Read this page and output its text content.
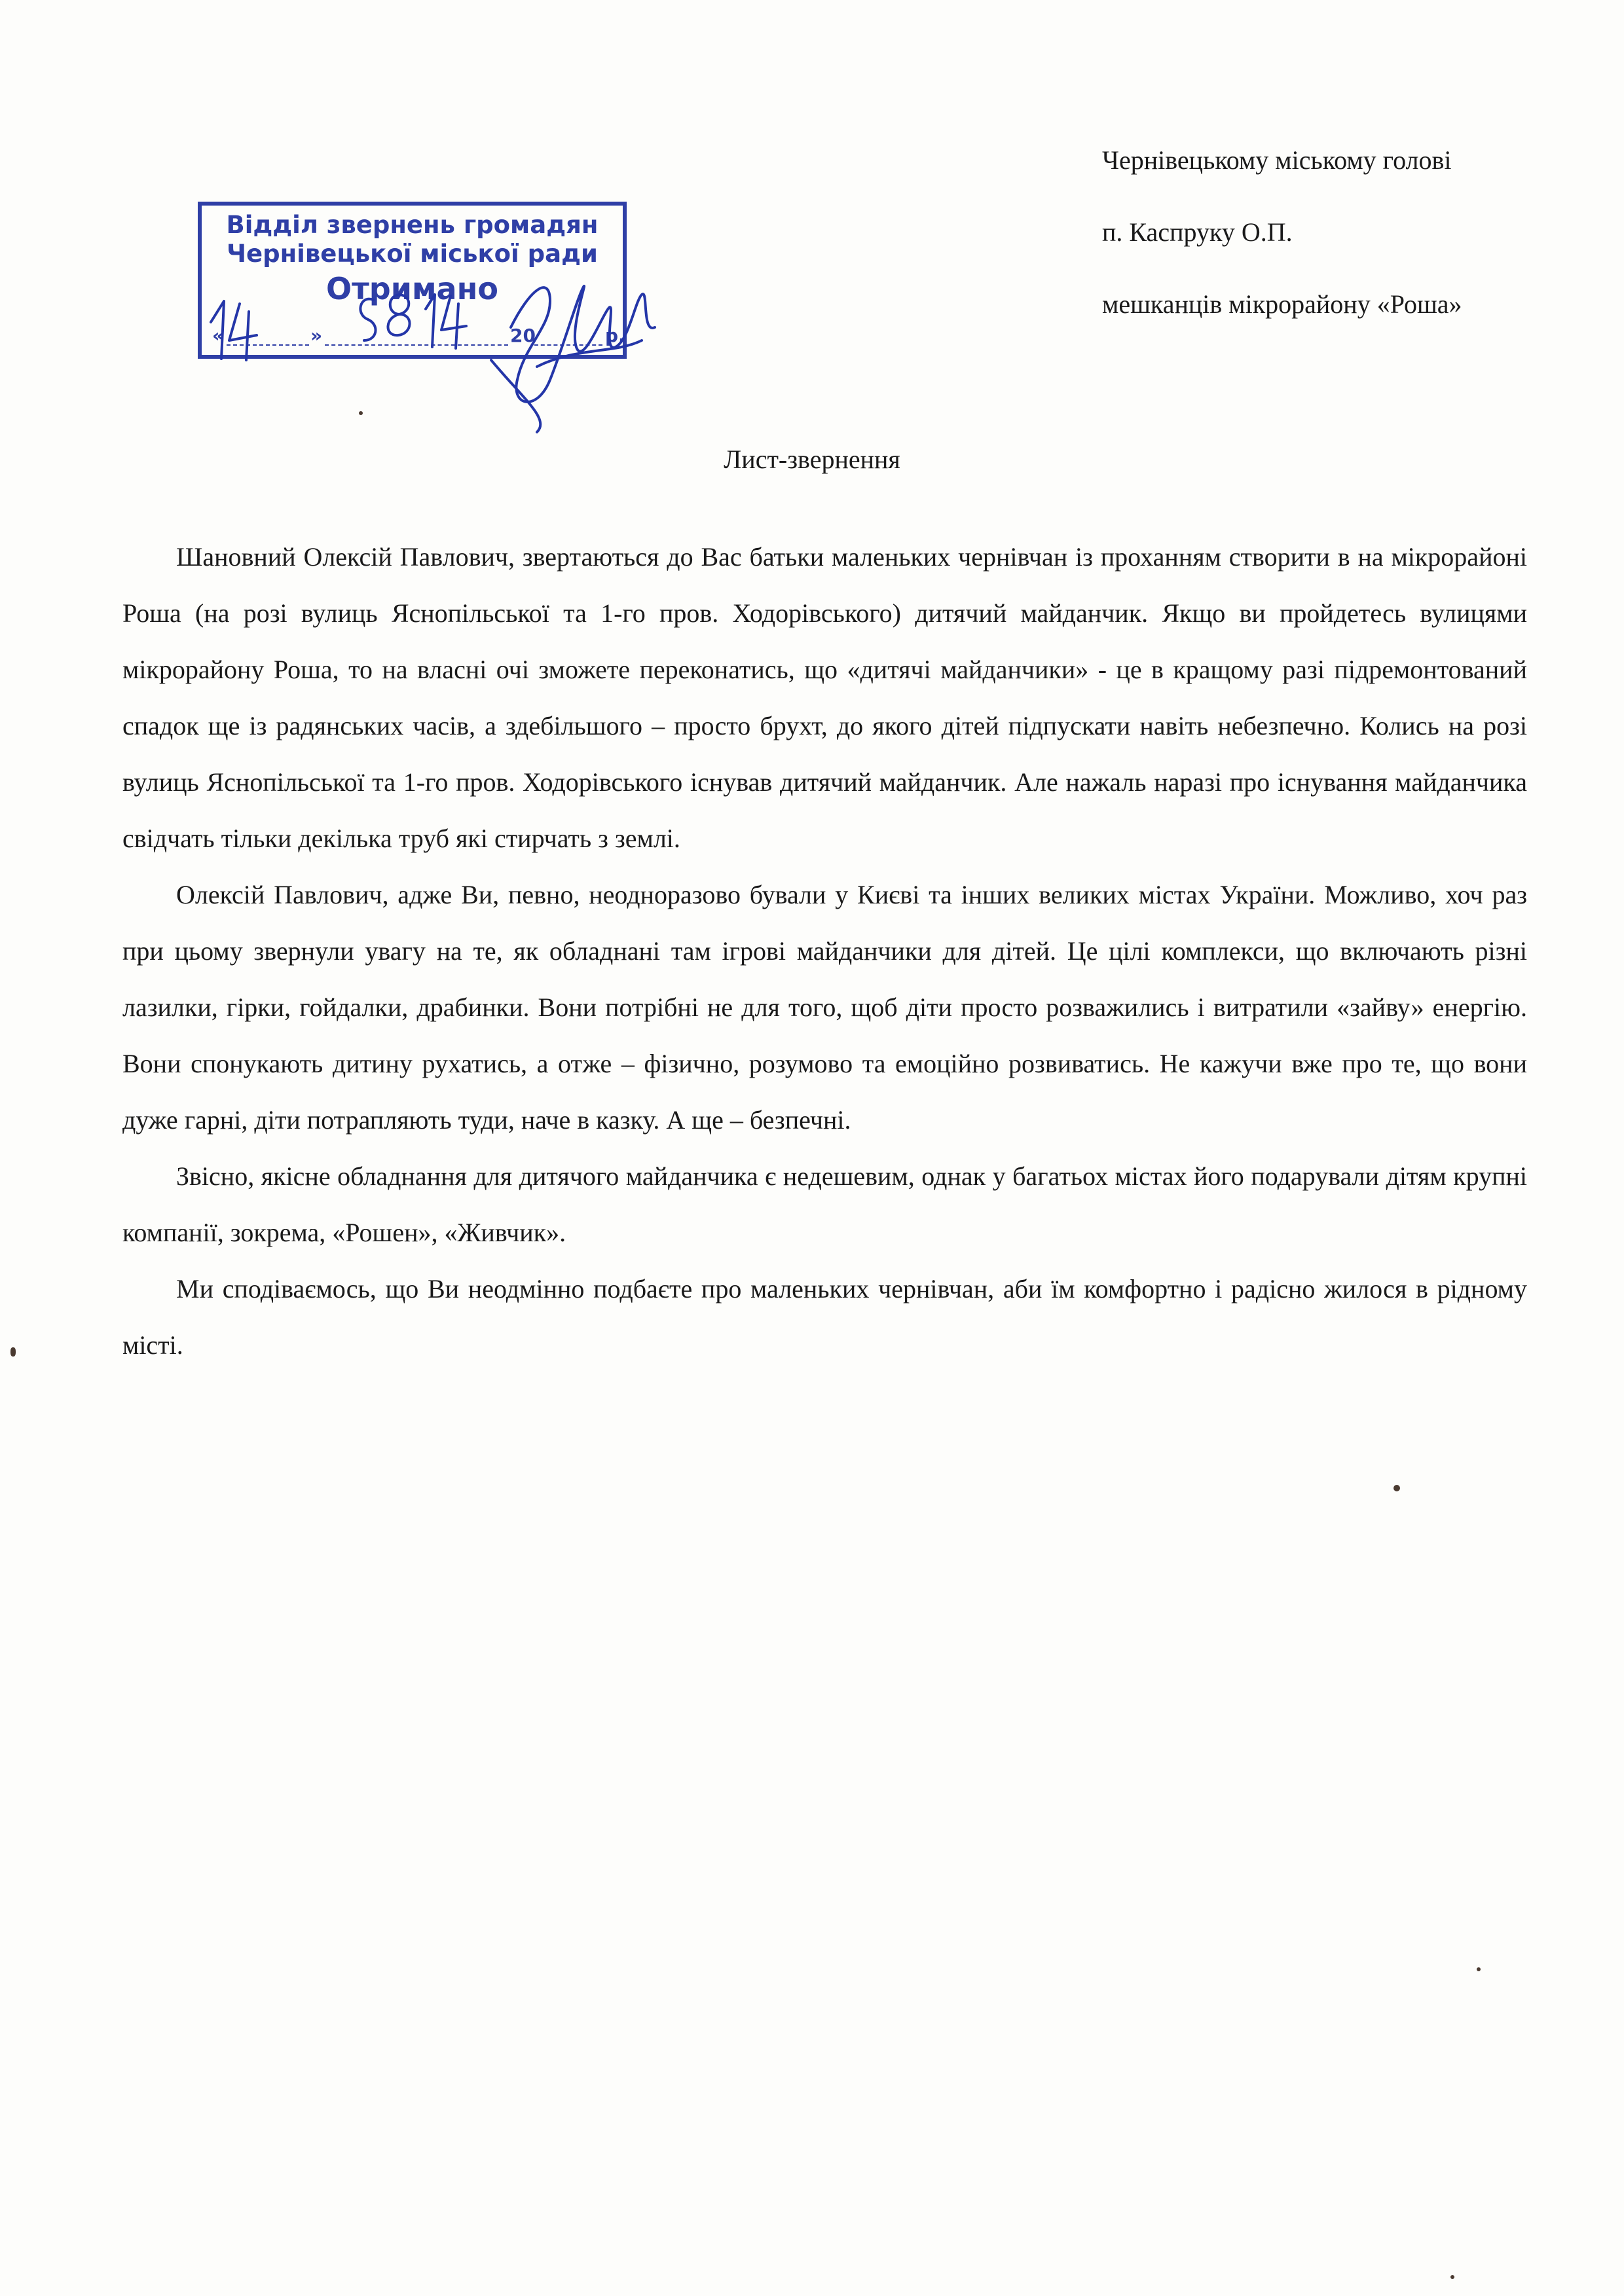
Чернівецькому міському голові
п. Каспруку О.П.
мешканців мікрорайону «Роша»
Відділ звернень громадян
Чернівецької міської ради
Отримано
«	»	20	р.
Лист-звернення

Шановний Олексій Павлович, звертаються до Вас батьки маленьких чернівчан із проханням створити в на мікрорайоні Роша (на розі вулиць Яснопільської та 1-го пров. Ходорівського) дитячий майданчик. Якщо ви пройдетесь вулицями мікрорайону Роша, то на власні очі зможете переконатись, що «дитячі майданчики» - це в кращому разі підремонтований спадок ще із радянських часів, а здебільшого – просто брухт, до якого дітей підпускати навіть небезпечно. Колись на розі вулиць Яснопільської та 1-го пров. Ходорівського існував дитячий майданчик. Але нажаль наразі про існування майданчика свідчать тільки декілька труб які стирчать з землі.

Олексій Павлович, адже Ви, певно, неодноразово бували у Києві та інших великих містах України. Можливо, хоч раз при цьому звернули увагу на те, як обладнані там ігрові майданчики для дітей. Це цілі комплекси, що включають різні лазилки, гірки, гойдалки, драбинки. Вони потрібні не для того, щоб діти просто розважились і витратили «зайву» енергію. Вони спонукають дитину рухатись, а отже – фізично, розумово та емоційно розвиватись. Не кажучи вже про те, що вони дуже гарні, діти потрапляють туди, наче в казку. А ще – безпечні.

Звісно, якісне обладнання для дитячого майданчика є недешевим, однак у багатьох містах його подарували дітям крупні компанії, зокрема, «Рошен», «Живчик».

Ми сподіваємось, що Ви неодмінно подбаєте про маленьких чернівчан, аби їм комфортно і радісно жилося в рідному місті.
